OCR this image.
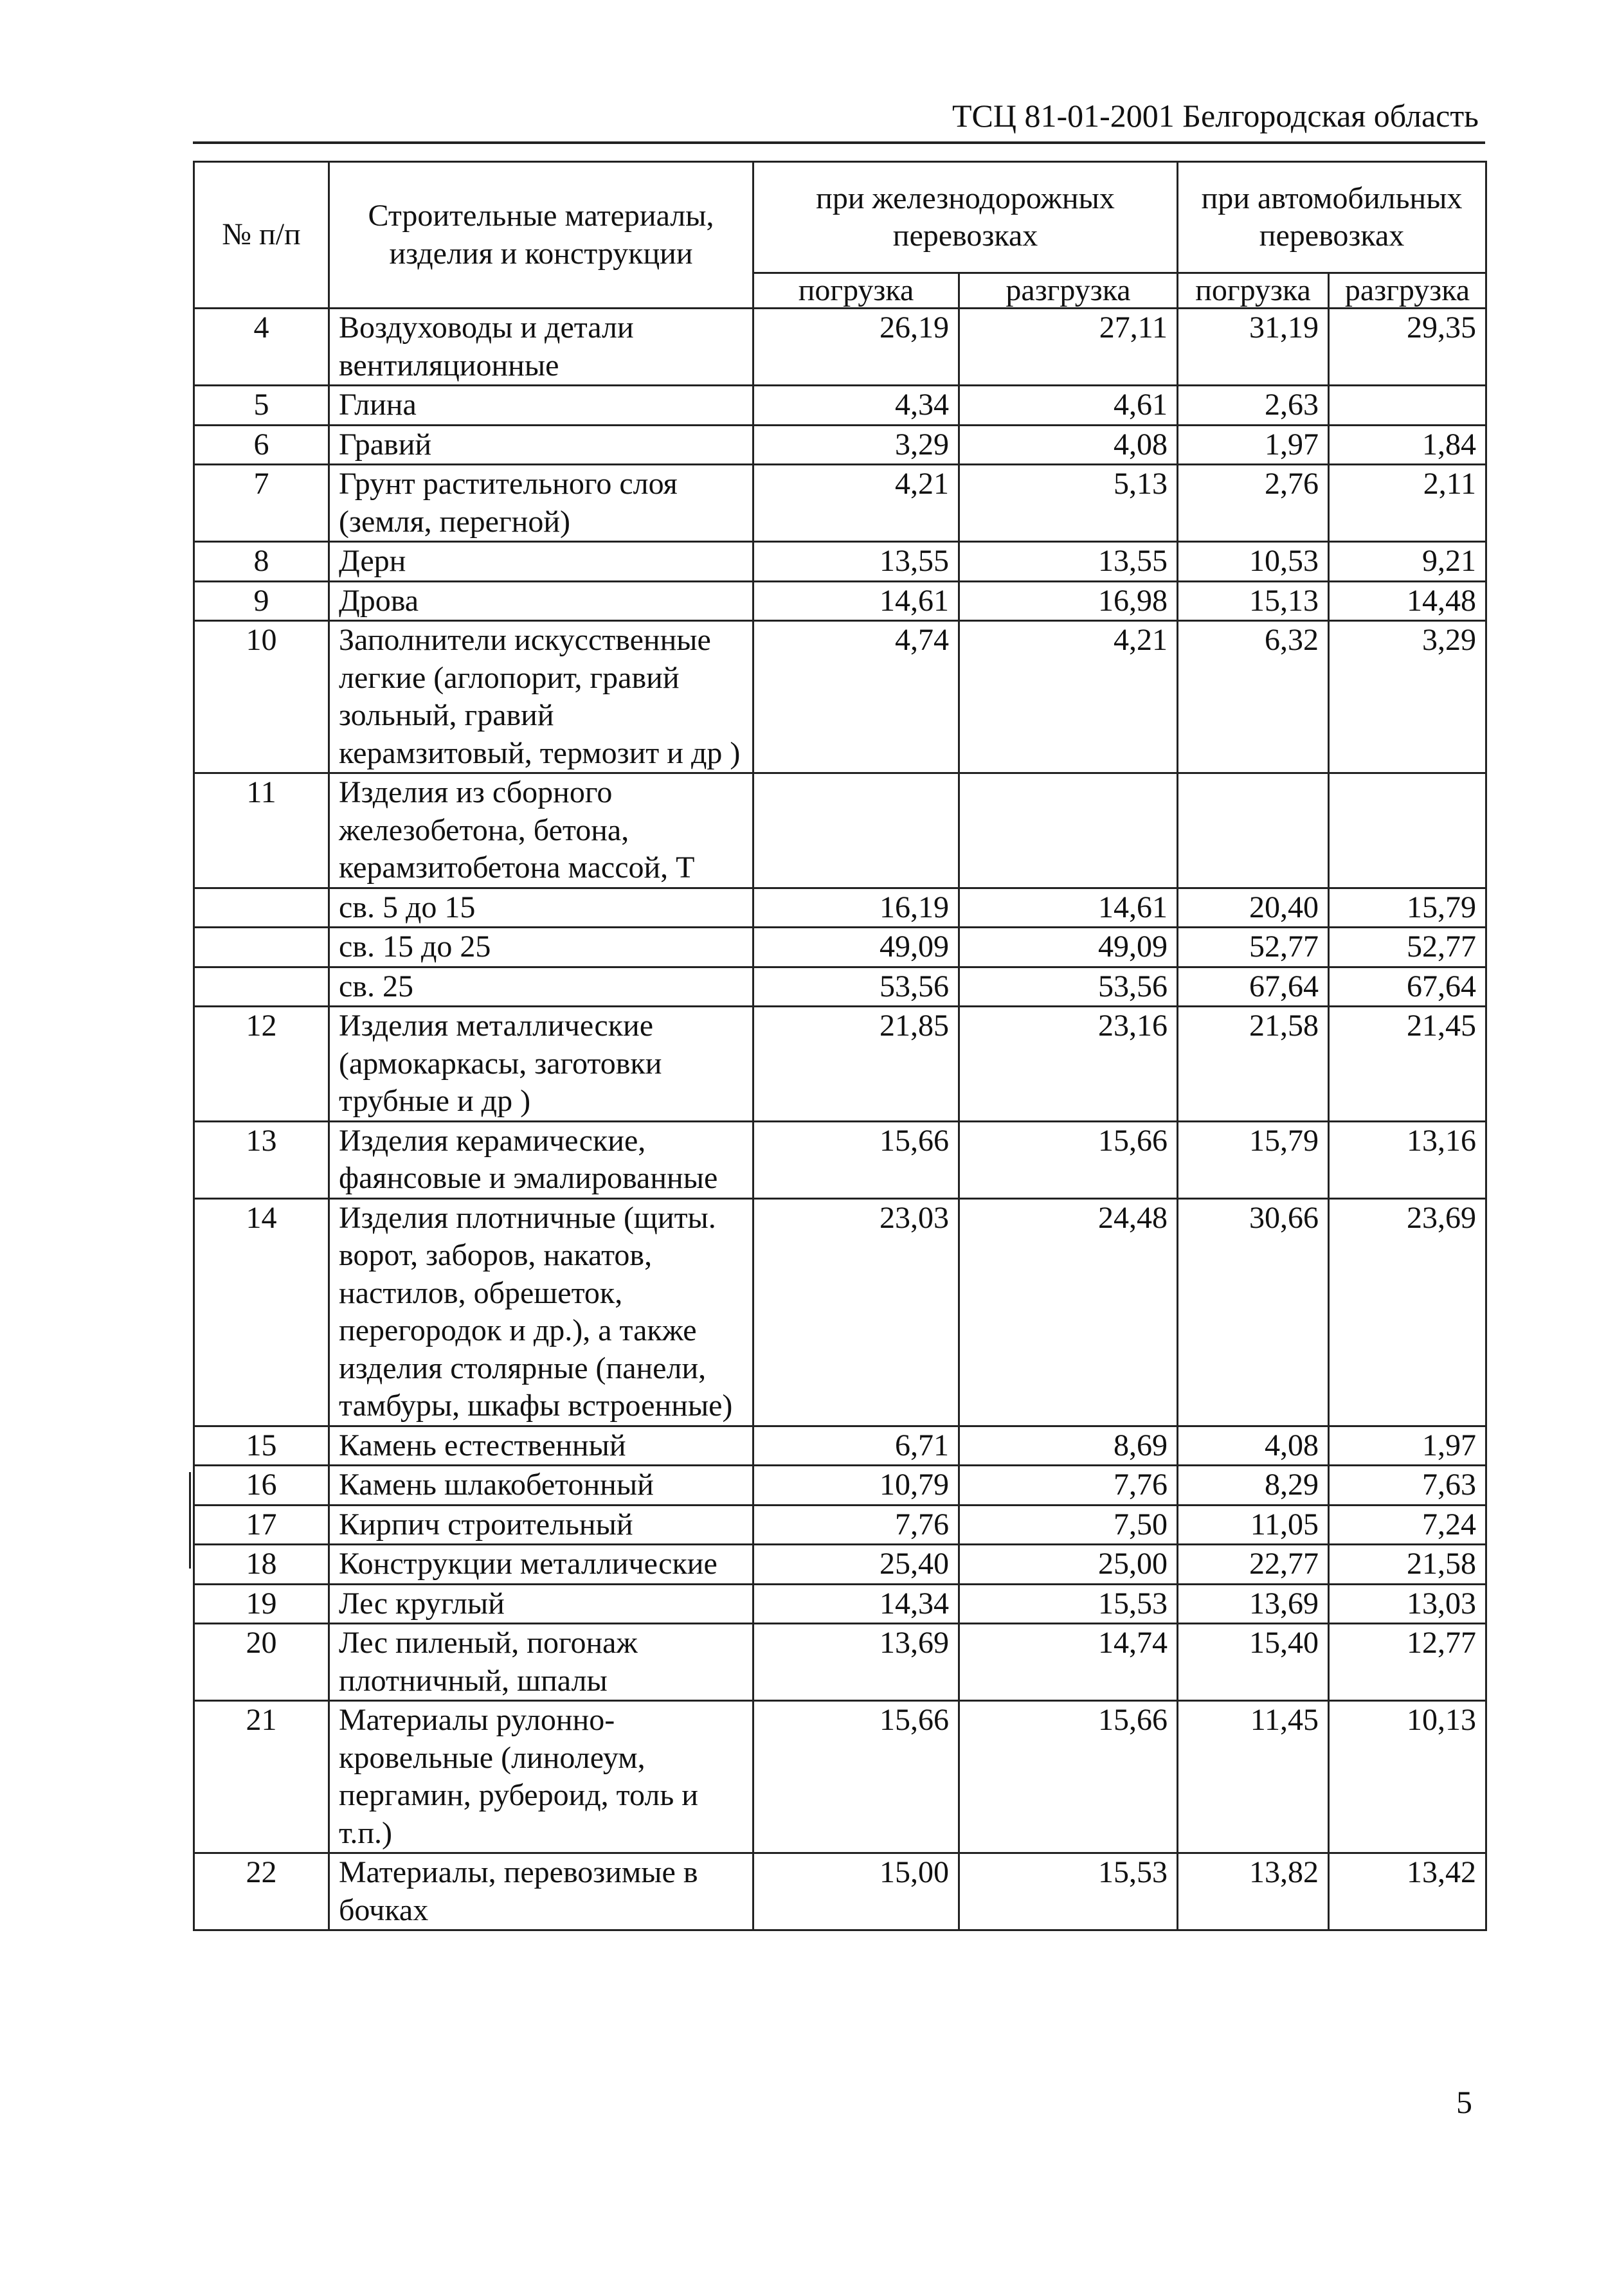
ТСЦ 81-01-2001 Белгородская область
№ п/п	Строительные материалы, изделия и конструкции	при железнодорожных перевозках		при автомобильных перевозках	
		погрузка	разгрузка	погрузка	разгрузка
4	Воздуховоды и детали вентиляционные	26,19	27,11	31,19	29,35
5	Глина	4,34	4,61	2,63	
6	Гравий	3,29	4,08	1,97	1,84
7	Грунт растительного слоя (земля, перегной)	4,21	5,13	2,76	2,11
8	Дерн	13,55	13,55	10,53	9,21
9	Дрова	14,61	16,98	15,13	14,48
10	Заполнители искусственные легкие (аглопорит, гравий зольный, гравий керамзитовый, термозит и др )	4,74	4,21	6,32	3,29
11	Изделия из сборного железобетона, бетона, керамзитобетона массой, Т				
	св. 5 до 15	16,19	14,61	20,40	15,79
	св. 15 до 25	49,09	49,09	52,77	52,77
	св. 25	53,56	53,56	67,64	67,64
12	Изделия металлические (армокаркасы, заготовки трубные и др )	21,85	23,16	21,58	21,45
13	Изделия керамические, фаянсовые и эмалированные	15,66	15,66	15,79	13,16
14	Изделия плотничные (щиты. ворот, заборов, накатов, настилов, обрешеток, перегородок и др.), а также изделия столярные (панели, тамбуры, шкафы встроенные)	23,03	24,48	30,66	23,69
15	Камень естественный	6,71	8,69	4,08	1,97
16	Камень шлакобетонный	10,79	7,76	8,29	7,63
17	Кирпич строительный	7,76	7,50	11,05	7,24
18	Конструкции металлические	25,40	25,00	22,77	21,58
19	Лес круглый	14,34	15,53	13,69	13,03
20	Лес пиленый, погонаж плотничный, шпалы	13,69	14,74	15,40	12,77
21	Материалы рулонно-кровельные (линолеум, пергамин, рубероид, толь и т.п.)	15,66	15,66	11,45	10,13
22	Материалы, перевозимые в бочках	15,00	15,53	13,82	13,42
5
